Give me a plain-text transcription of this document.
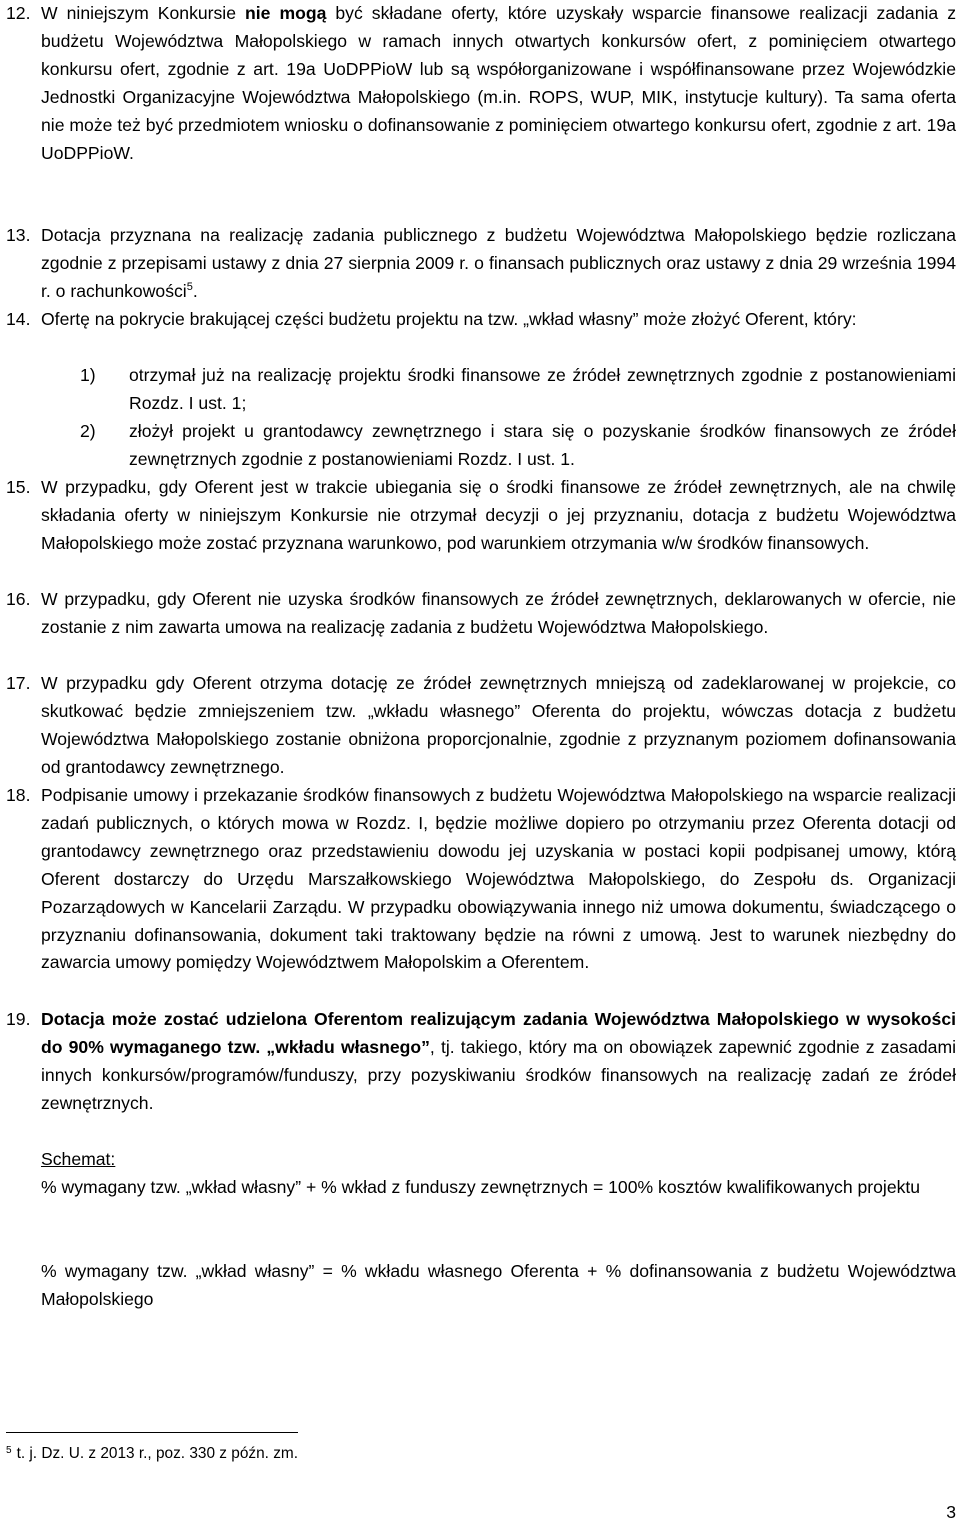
12. W niniejszym Konkursie nie mogą być składane oferty, które uzyskały wsparcie finansowe realizacji zadania z budżetu Województwa Małopolskiego w ramach innych otwartych konkursów ofert, z pominięciem otwartego konkursu ofert, zgodnie z art. 19a UoDPPioW lub są współorganizowane i współfinansowane przez Wojewódzkie Jednostki Organizacyjne Województwa Małopolskiego (m.in. ROPS, WUP, MIK, instytucje kultury). Ta sama oferta nie może też być przedmiotem wniosku o dofinansowanie z pominięciem otwartego konkursu ofert, zgodnie z art. 19a UoDPPioW.
13. Dotacja przyznana na realizację zadania publicznego z budżetu Województwa Małopolskiego będzie rozliczana zgodnie z przepisami ustawy z dnia 27 sierpnia 2009 r. o finansach publicznych oraz ustawy z dnia 29 września 1994 r. o rachunkowości$^5$.
14. Ofertę na pokrycie brakującej części budżetu projektu na tzw. „wkład własny” może złożyć Oferent, który:
1) otrzymał już na realizację projektu środki finansowe ze źródeł zewnętrznych zgodnie z postanowieniami Rozdz. I ust. 1;
2) złożył projekt u grantodawcy zewnętrznego i stara się o pozyskanie środków finansowych ze źródeł zewnętrznych zgodnie z postanowieniami Rozdz. I ust. 1.
15. W przypadku, gdy Oferent jest w trakcie ubiegania się o środki finansowe ze źródeł zewnętrznych, ale na chwilę składania oferty w niniejszym Konkursie nie otrzymał decyzji o jej przyznaniu, dotacja z budżetu Województwa Małopolskiego może zostać przyznana warunkowo, pod warunkiem otrzymania w/w środków finansowych.
16. W przypadku, gdy Oferent nie uzyska środków finansowych ze źródeł zewnętrznych, deklarowanych w ofercie, nie zostanie z nim zawarta umowa na realizację zadania z budżetu Województwa Małopolskiego.
17. W przypadku gdy Oferent otrzyma dotację ze źródeł zewnętrznych mniejszą od zadeklarowanej w projekcie, co skutkować będzie zmniejszeniem tzw. „wkładu własnego” Oferenta do projektu, wówczas dotacja z budżetu Województwa Małopolskiego zostanie obniżona proporcjonalnie, zgodnie z przyznanym poziomem dofinansowania od grantodawcy zewnętrznego.
18. Podpisanie umowy i przekazanie środków finansowych z budżetu Województwa Małopolskiego na wsparcie realizacji zadań publicznych, o których mowa w Rozdz. I, będzie możliwe dopiero po otrzymaniu przez Oferenta dotacji od grantodawcy zewnętrznego oraz przedstawieniu dowodu jej uzyskania w postaci kopii podpisanej umowy, którą Oferent dostarczy do Urzędu Marszałkowskiego Województwa Małopolskiego, do Zespołu ds. Organizacji Pozarządowych w Kancelarii Zarządu. W przypadku obowiązywania innego niż umowa dokumentu, świadczącego o przyznaniu dofinansowania, dokument taki traktowany będzie na równi z umową. Jest to warunek niezbędny do zawarcia umowy pomiędzy Województwem Małopolskim a Oferentem.
19. Dotacja może zostać udzielona Oferentom realizującym zadania Województwa Małopolskiego w wysokości do 90% wymaganego tzw. „wkładu własnego”, tj. takiego, który ma on obowiązek zapewnić zgodnie z zasadami innych konkursów/programów/funduszy, przy pozyskiwaniu środków finansowych na realizację zadań ze źródeł zewnętrznych.
Schemat:
% wymagany tzw. „wkład własny” + % wkład z funduszy zewnętrznych = 100% kosztów kwalifikowanych projektu
% wymagany tzw. „wkład własny” = % wkładu własnego Oferenta + % dofinansowania z budżetu Województwa Małopolskiego
$^5$ t. j. Dz. U. z 2013 r., poz. 330 z późn. zm.
3
